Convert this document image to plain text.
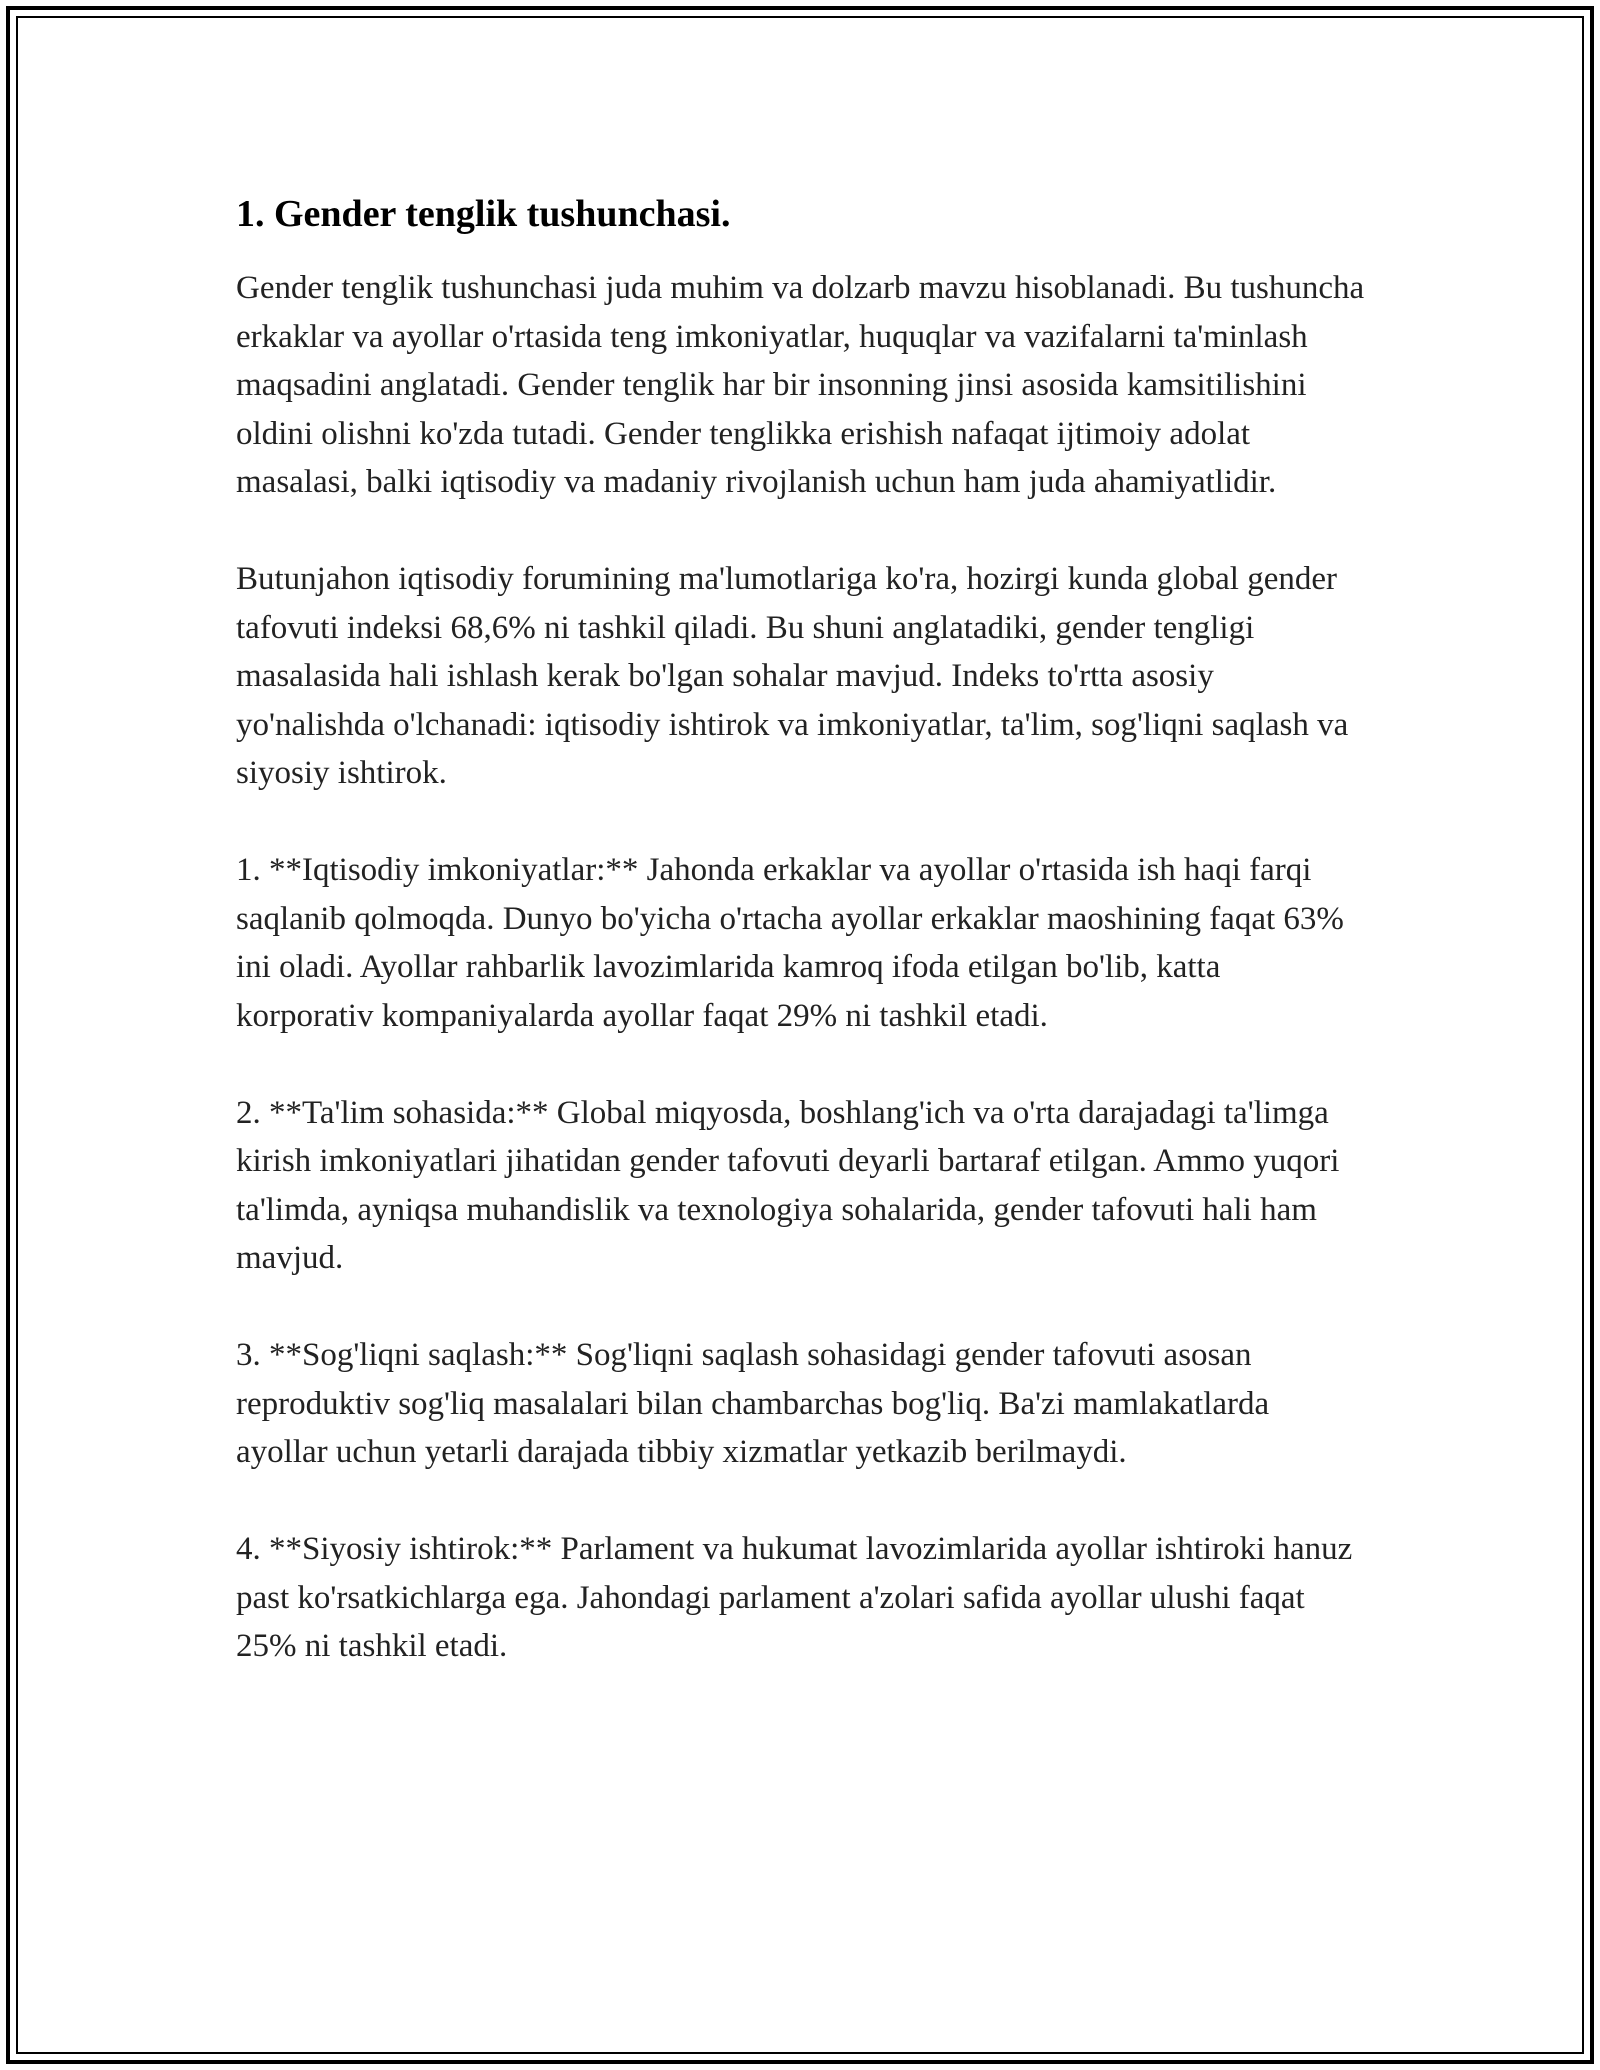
1. Gender tenglik tushunchasi.

Gender tenglik tushunchasi juda muhim va dolzarb mavzu hisoblanadi. Bu tushuncha erkaklar va ayollar o'rtasida teng imkoniyatlar, huquqlar va vazifalarni ta'minlash maqsadini anglatadi. Gender tenglik har bir insonning jinsi asosida kamsitilishini oldini olishni ko'zda tutadi. Gender tenglikka erishish nafaqat ijtimoiy adolat masalasi, balki iqtisodiy va madaniy rivojlanish uchun ham juda ahamiyatlidir.

Butunjahon iqtisodiy forumining ma'lumotlariga ko'ra, hozirgi kunda global gender tafovuti indeksi 68,6% ni tashkil qiladi. Bu shuni anglatadiki, gender tengligi masalasida hali ishlash kerak bo'lgan sohalar mavjud. Indeks to'rtta asosiy yo'nalishda o'lchanadi: iqtisodiy ishtirok va imkoniyatlar, ta'lim, sog'liqni saqlash va siyosiy ishtirok.

1. **Iqtisodiy imkoniyatlar:** Jahonda erkaklar va ayollar o'rtasida ish haqi farqi saqlanib qolmoqda. Dunyo bo'yicha o'rtacha ayollar erkaklar maoshining faqat 63% ini oladi. Ayollar rahbarlik lavozimlarida kamroq ifoda etilgan bo'lib, katta korporativ kompaniyalarda ayollar faqat 29% ni tashkil etadi.

2. **Ta'lim sohasida:** Global miqyosda, boshlang'ich va o'rta darajadagi ta'limga kirish imkoniyatlari jihatidan gender tafovuti deyarli bartaraf etilgan. Ammo yuqori ta'limda, ayniqsa muhandislik va texnologiya sohalarida, gender tafovuti hali ham mavjud.

3. **Sog'liqni saqlash:** Sog'liqni saqlash sohasidagi gender tafovuti asosan reproduktiv sog'liq masalalari bilan chambarchas bog'liq. Ba'zi mamlakatlarda ayollar uchun yetarli darajada tibbiy xizmatlar yetkazib berilmaydi.

4. **Siyosiy ishtirok:** Parlament va hukumat lavozimlarida ayollar ishtiroki hanuz past ko'rsatkichlarga ega. Jahondagi parlament a'zolari safida ayollar ulushi faqat 25% ni tashkil etadi.
